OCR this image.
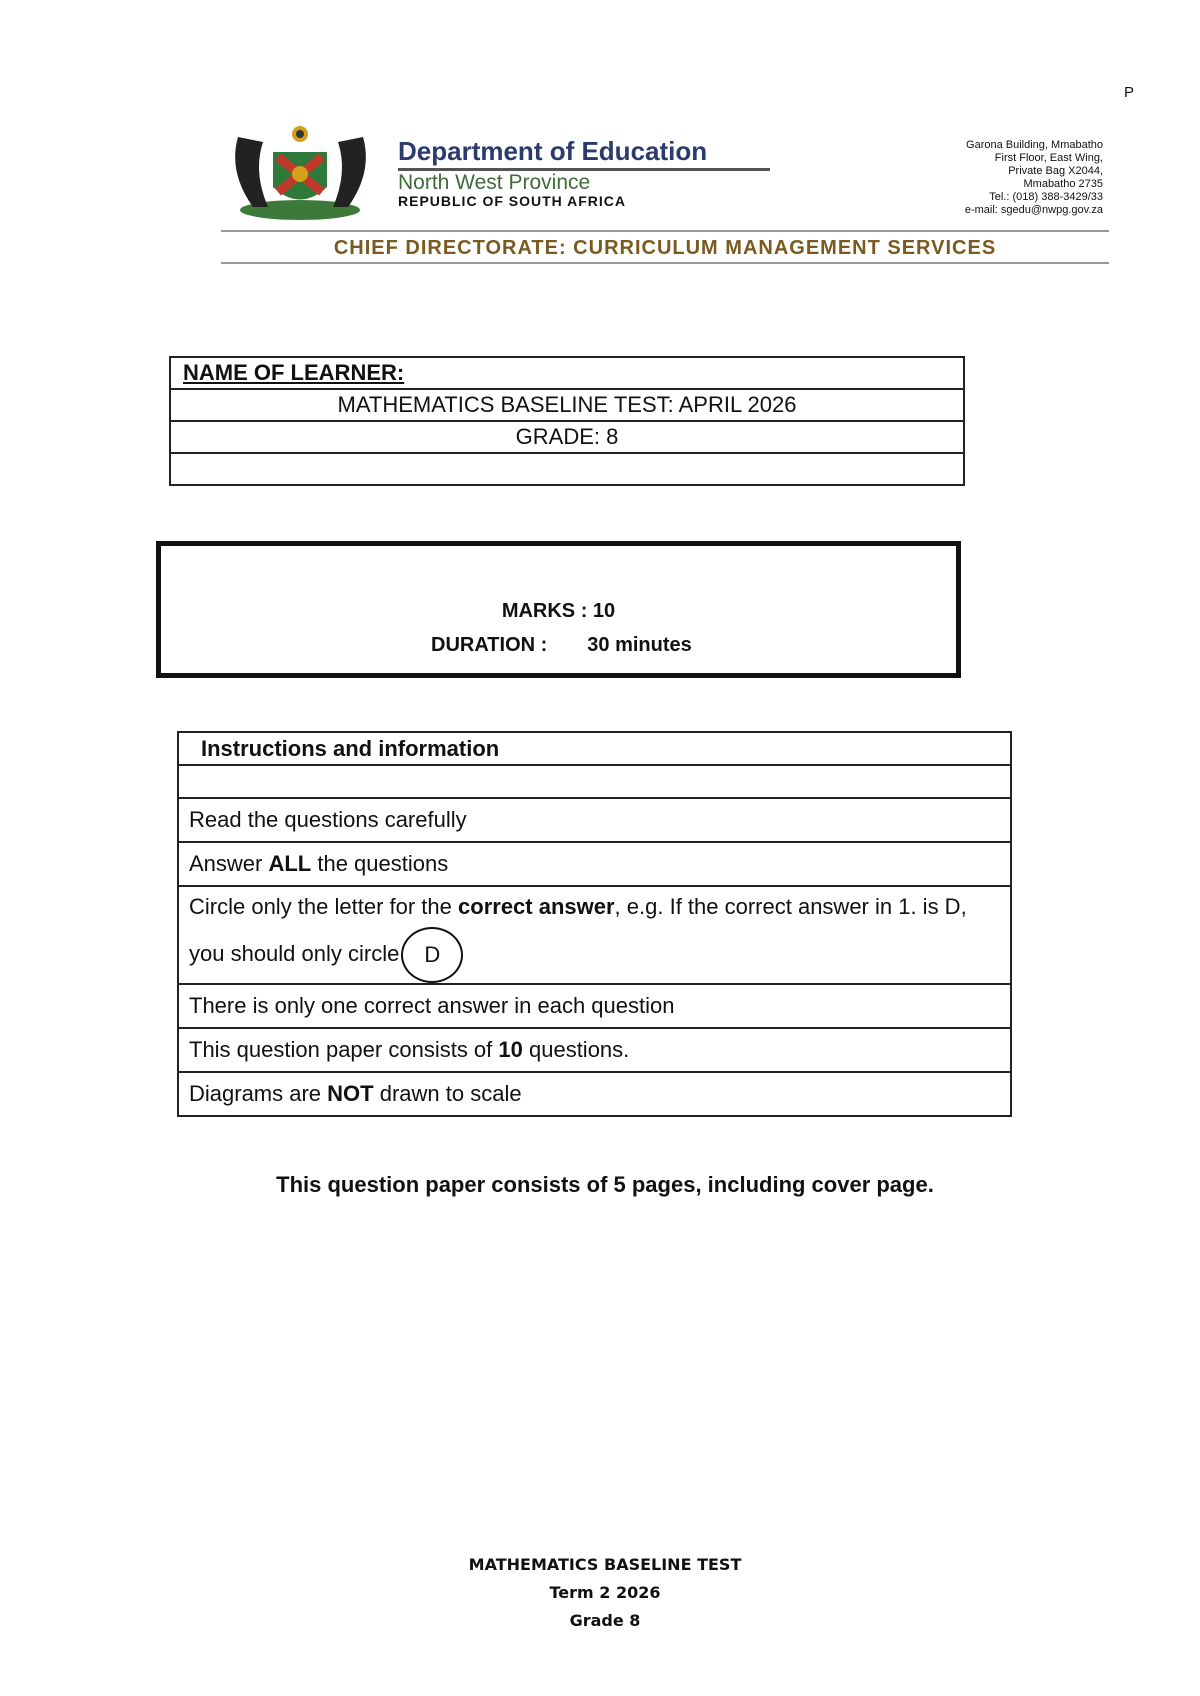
P
Department of Education
North West Province
REPUBLIC OF SOUTH AFRICA
Garona Building, Mmabatho
First Floor, East Wing,
Private Bag X2044,
Mmabatho 2735
Tel.: (018) 388-3429/33
e-mail: sgedu@nwpg.gov.za
CHIEF DIRECTORATE: CURRICULUM MANAGEMENT SERVICES
NAME OF LEARNER:
MATHEMATICS BASELINE TEST: APRIL 2026
GRADE: 8

MARKS : 10
DURATION : 30 minutes
Instructions and information

Read the questions carefully
Answer ALL the questions
Circle only the letter for the correct answer, e.g. If the correct answer in 1. is D, you should only circle D
There is only one correct answer in each question
This question paper consists of 10 questions.
Diagrams are NOT drawn to scale
This question paper consists of 5 pages, including cover page.
MATHEMATICS BASELINE TEST
Term 2 2026
Grade 8
